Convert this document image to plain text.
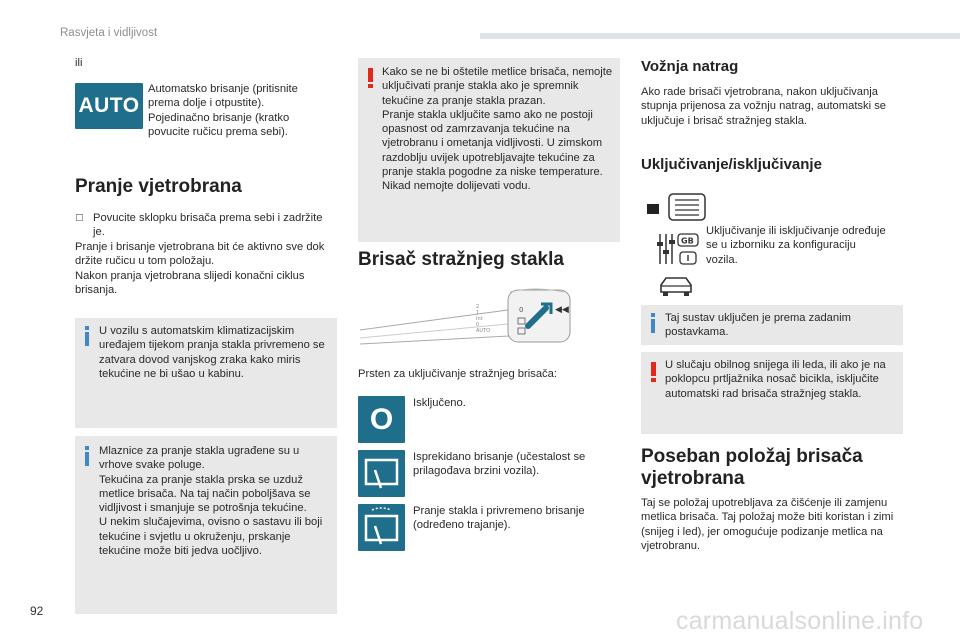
Rasvjeta i vidljivost
ili
AUTO
Automatsko brisanje (pritisnite prema dolje i otpustite).
Pojedinačno brisanje (kratko povucite ručicu prema sebi).
Pranje vjetrobrana
□ Povucite sklopku brisača prema sebi i zadržite je.
Pranje i brisanje vjetrobrana bit će aktivno sve dok držite ručicu u tom položaju.
Nakon pranja vjetrobrana slijedi konačni ciklus brisanja.
U vozilu s automatskim klimatizacijskim uređajem tijekom pranja stakla privremeno se zatvara dovod vanjskog zraka kako miris tekućine ne bi ušao u kabinu.
Mlaznice za pranje stakla ugrađene su u vrhove svake poluge.
Tekućina za pranje stakla prska se uzduž metlice brisača. Na taj način poboljšava se vidljivost i smanjuje se potrošnja tekućine.
U nekim slučajevima, ovisno o sastavu ili boji tekućine i svjetlu u okruženju, prskanje tekućine može biti jedva uočljivo.
Kako se ne bi oštetile metlice brisača, nemojte uključivati pranje stakla ako je spremnik tekućine za pranje stakla prazan.
Pranje stakla uključite samo ako ne postoji opasnost od zamrzavanja tekućine na vjetrobranu i ometanja vidljivosti. U zimskom razdoblju uvijek upotrebljavajte tekućine za pranje stakla pogodne za niske temperature.
Nikad nemojte dolijevati vodu.
Brisač stražnjeg stakla
◀◀
0
2
1
Int
0
AUTO
Prsten za uključivanje stražnjeg brisača:
O Isključeno.
Isprekidano brisanje (učestalost se prilagođava brzini vozila).
Pranje stakla i privremeno brisanje (određeno trajanje).
Vožnja natrag
Ako rade brisači vjetrobrana, nakon uključivanja stupnja prijenosa za vožnju natrag, automatski se uključuje i brisač stražnjeg stakla.
Uključivanje/isključivanje
GB
Uključivanje ili isključivanje određuje se u izborniku za konfiguraciju vozila.
Taj sustav uključen je prema zadanim postavkama.
U slučaju obilnog snijega ili leda, ili ako je na poklopcu prtljažnika nosač bicikla, isključite automatski rad brisača stražnjeg stakla.
Poseban položaj brisača vjetrobrana
Taj se položaj upotrebljava za čišćenje ili zamjenu metlica brisača. Taj položaj može biti koristan i zimi (snijeg i led), jer omogućuje podizanje metlica na vjetrobranu.
92	carmanualsonline.info
